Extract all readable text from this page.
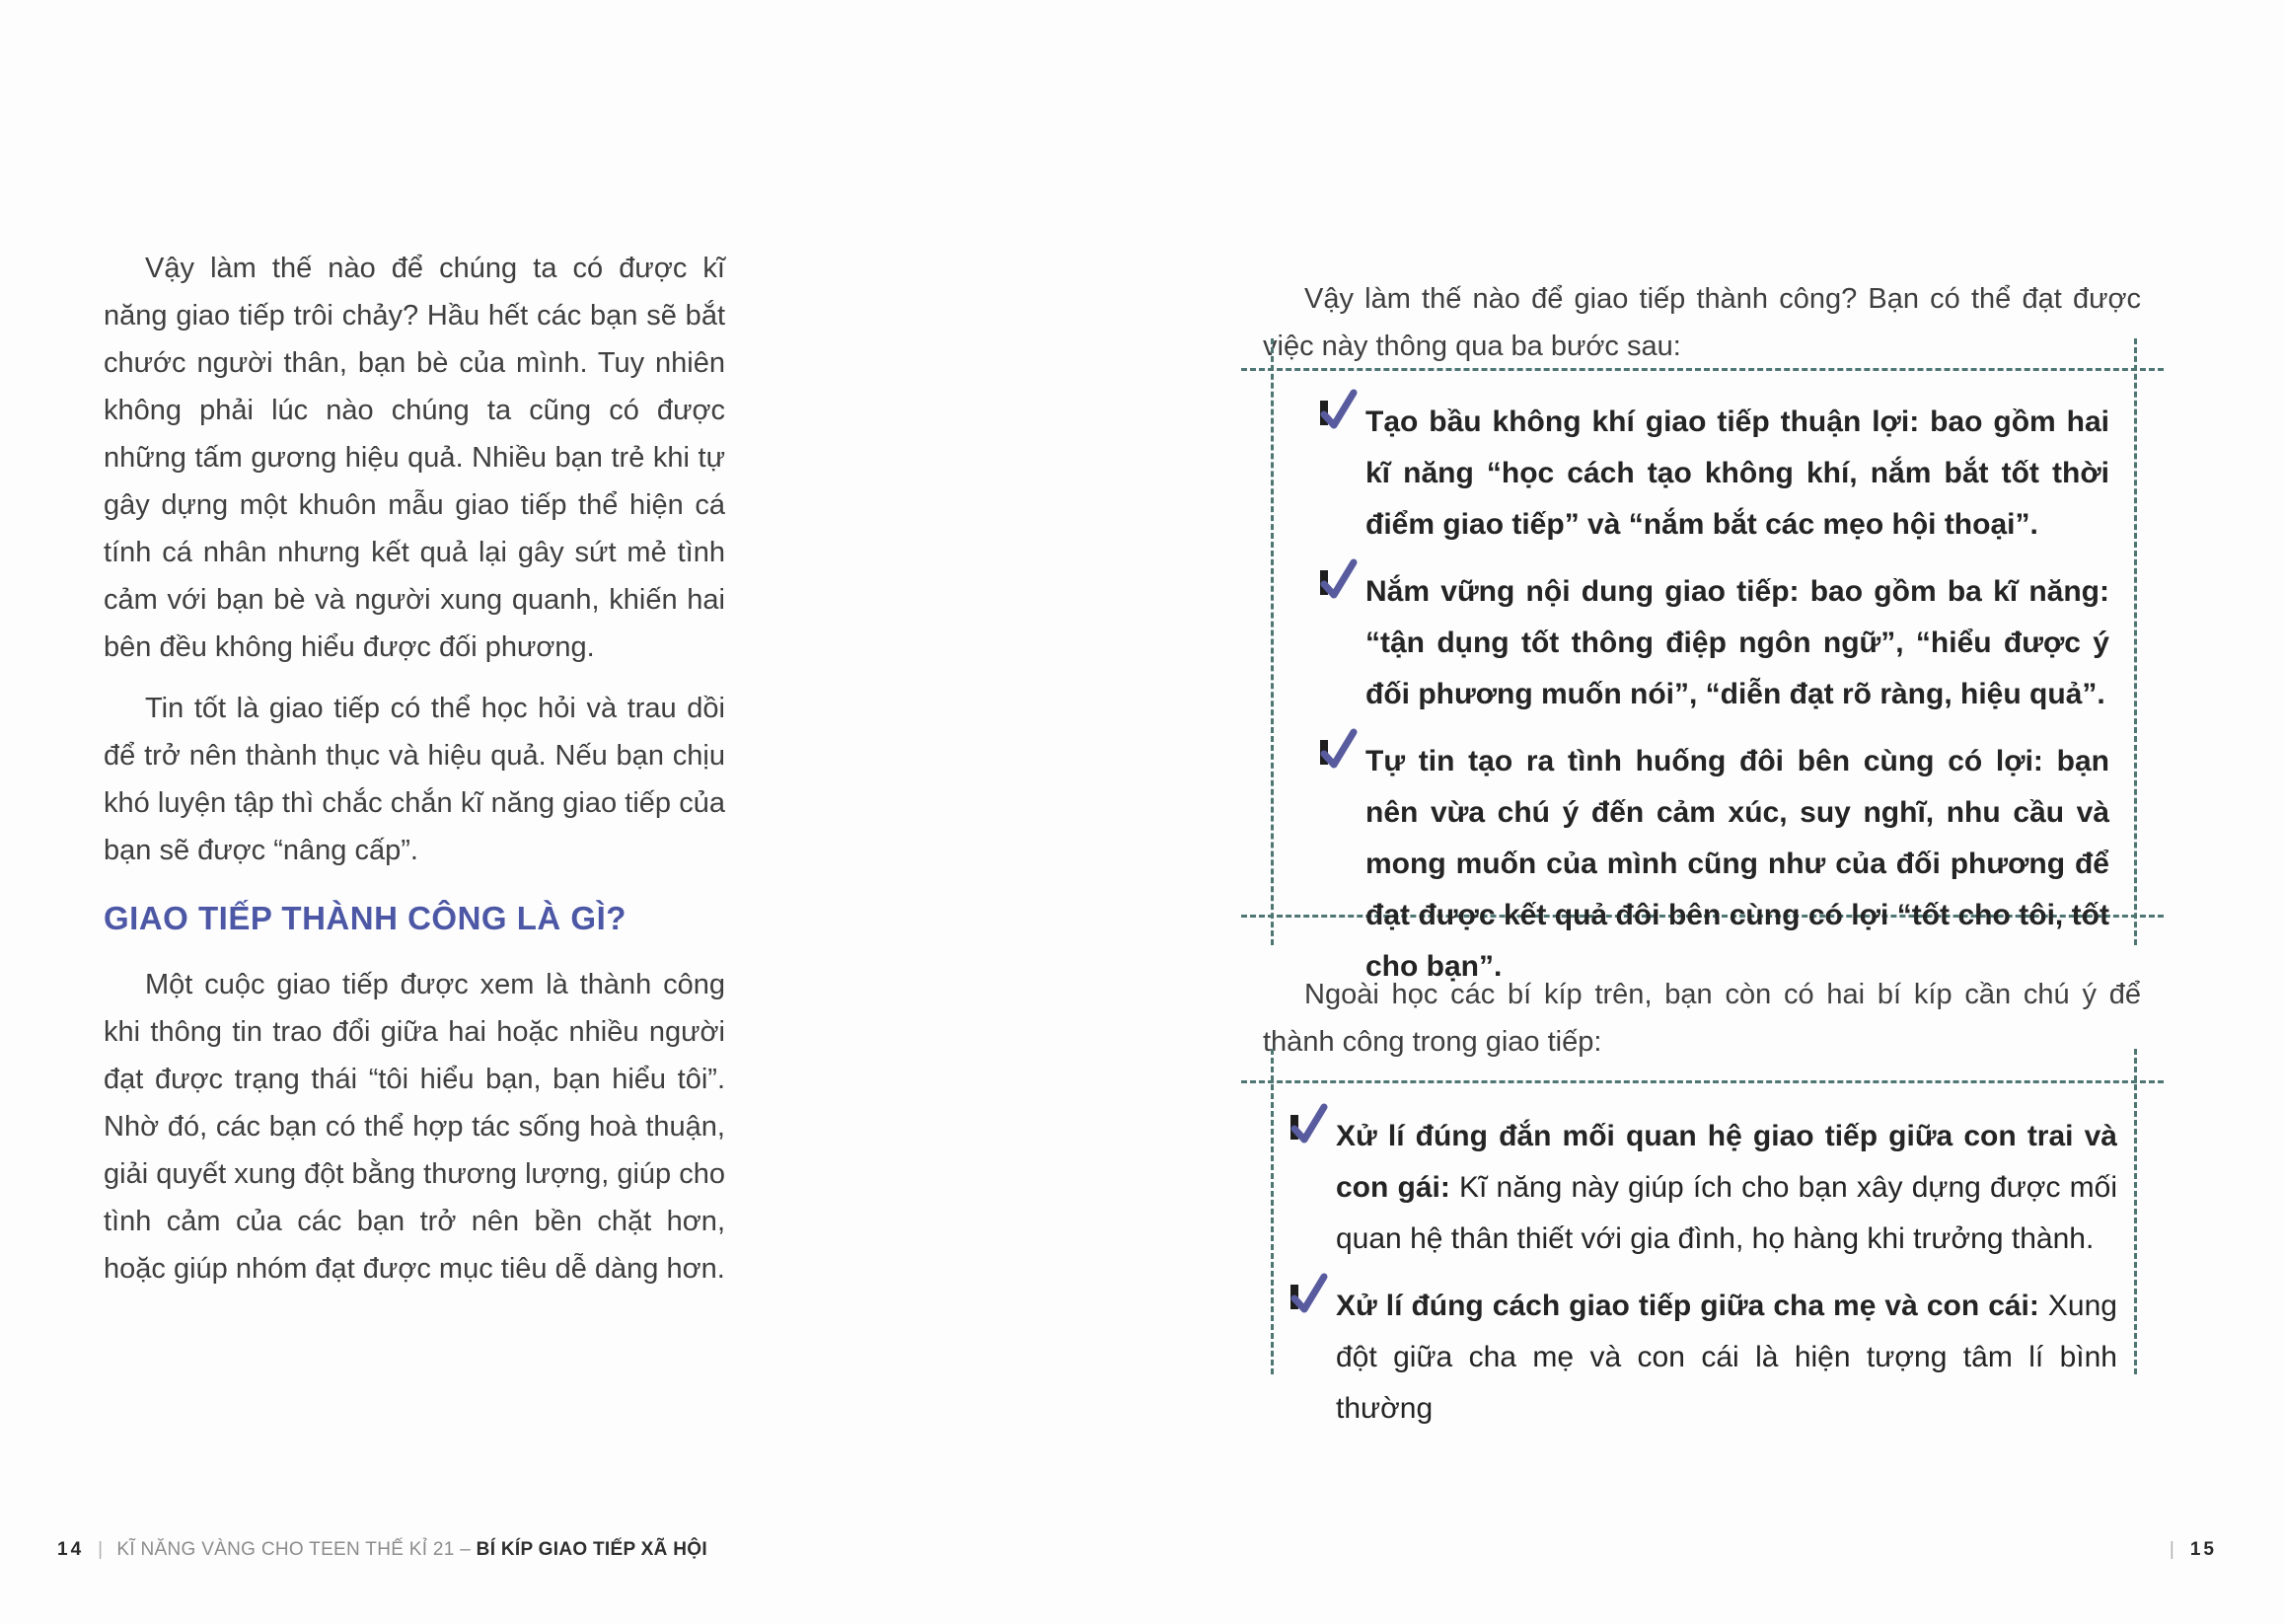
Vậy làm thế nào để chúng ta có được kĩ năng giao tiếp trôi chảy? Hầu hết các bạn sẽ bắt chước người thân, bạn bè của mình. Tuy nhiên không phải lúc nào chúng ta cũng có được những tấm gương hiệu quả. Nhiều bạn trẻ khi tự gây dựng một khuôn mẫu giao tiếp thể hiện cá tính cá nhân nhưng kết quả lại gây sứt mẻ tình cảm với bạn bè và người xung quanh, khiến hai bên đều không hiểu được đối phương.

Tin tốt là giao tiếp có thể học hỏi và trau dồi để trở nên thành thục và hiệu quả. Nếu bạn chịu khó luyện tập thì chắc chắn kĩ năng giao tiếp của bạn sẽ được “nâng cấp”.

GIAO TIẾP THÀNH CÔNG LÀ GÌ?

Một cuộc giao tiếp được xem là thành công khi thông tin trao đổi giữa hai hoặc nhiều người đạt được trạng thái “tôi hiểu bạn, bạn hiểu tôi”. Nhờ đó, các bạn có thể hợp tác sống hoà thuận, giải quyết xung đột bằng thương lượng, giúp cho tình cảm của các bạn trở nên bền chặt hơn, hoặc giúp nhóm đạt được mục tiêu dễ dàng hơn.

Vậy làm thế nào để giao tiếp thành công? Bạn có thể đạt được việc này thông qua ba bước sau:

Tạo bầu không khí giao tiếp thuận lợi: bao gồm hai kĩ năng “học cách tạo không khí, nắm bắt tốt thời điểm giao tiếp” và “nắm bắt các mẹo hội thoại”.
Nắm vững nội dung giao tiếp: bao gồm ba kĩ năng: “tận dụng tốt thông điệp ngôn ngữ”, “hiểu được ý đối phương muốn nói”, “diễn đạt rõ ràng, hiệu quả”.
Tự tin tạo ra tình huống đôi bên cùng có lợi: bạn nên vừa chú ý đến cảm xúc, suy nghĩ, nhu cầu và mong muốn của mình cũng như của đối phương để đạt được kết quả đôi bên cùng có lợi “tốt cho tôi, tốt cho bạn”.

Ngoài học các bí kíp trên, bạn còn có hai bí kíp cần chú ý để thành công trong giao tiếp:

Xử lí đúng đắn mối quan hệ giao tiếp giữa con trai và con gái: Kĩ năng này giúp ích cho bạn xây dựng được mối quan hệ thân thiết với gia đình, họ hàng khi trưởng thành.
Xử lí đúng cách giao tiếp giữa cha mẹ và con cái: Xung đột giữa cha mẹ và con cái là hiện tượng tâm lí bình thường
14 | KĨ NĂNG VÀNG CHO TEEN THẾ KỈ 21 – BÍ KÍP GIAO TIẾP XÃ HỘI	| 15
